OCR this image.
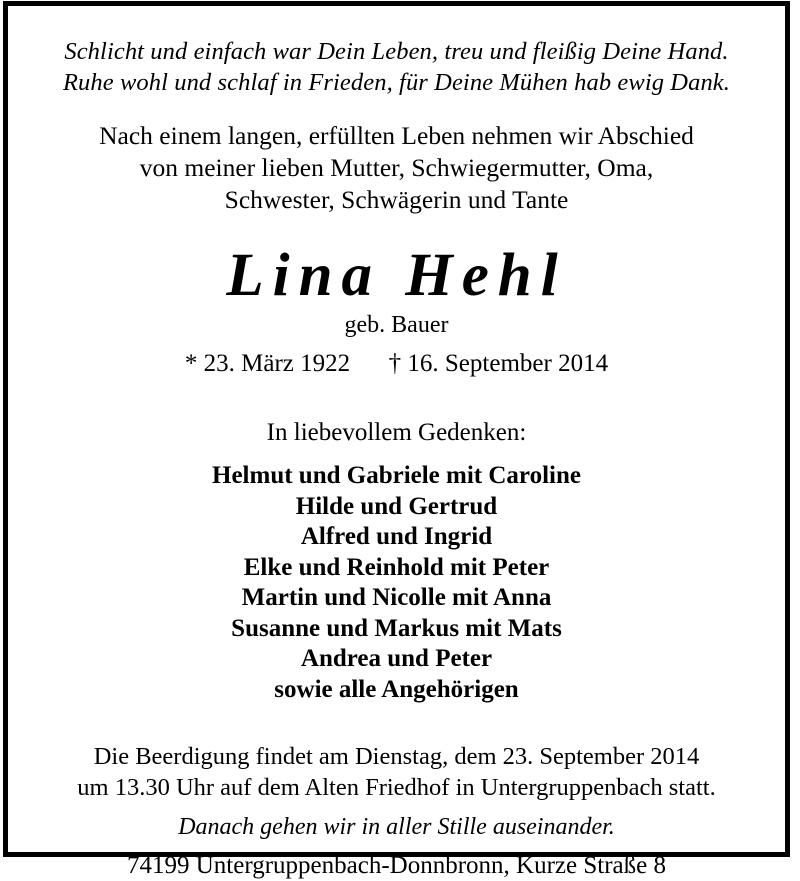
Schlicht und einfach war Dein Leben, treu und fleißig Deine Hand.
Ruhe wohl und schlaf in Frieden, für Deine Mühen hab ewig Dank.
Nach einem langen, erfüllten Leben nehmen wir Abschied
von meiner lieben Mutter, Schwiegermutter, Oma,
Schwester, Schwägerin und Tante
Lina Hehl
geb. Bauer
* 23. März 1922 † 16. September 2014
In liebevollem Gedenken:
Helmut und Gabriele mit Caroline
Hilde und Gertrud
Alfred und Ingrid
Elke und Reinhold mit Peter
Martin und Nicolle mit Anna
Susanne und Markus mit Mats
Andrea und Peter
sowie alle Angehörigen
Die Beerdigung findet am Dienstag, dem 23. September 2014
um 13.30 Uhr auf dem Alten Friedhof in Untergruppenbach statt.
Danach gehen wir in aller Stille auseinander.
74199 Untergruppenbach-Donnbronn, Kurze Straße 8
